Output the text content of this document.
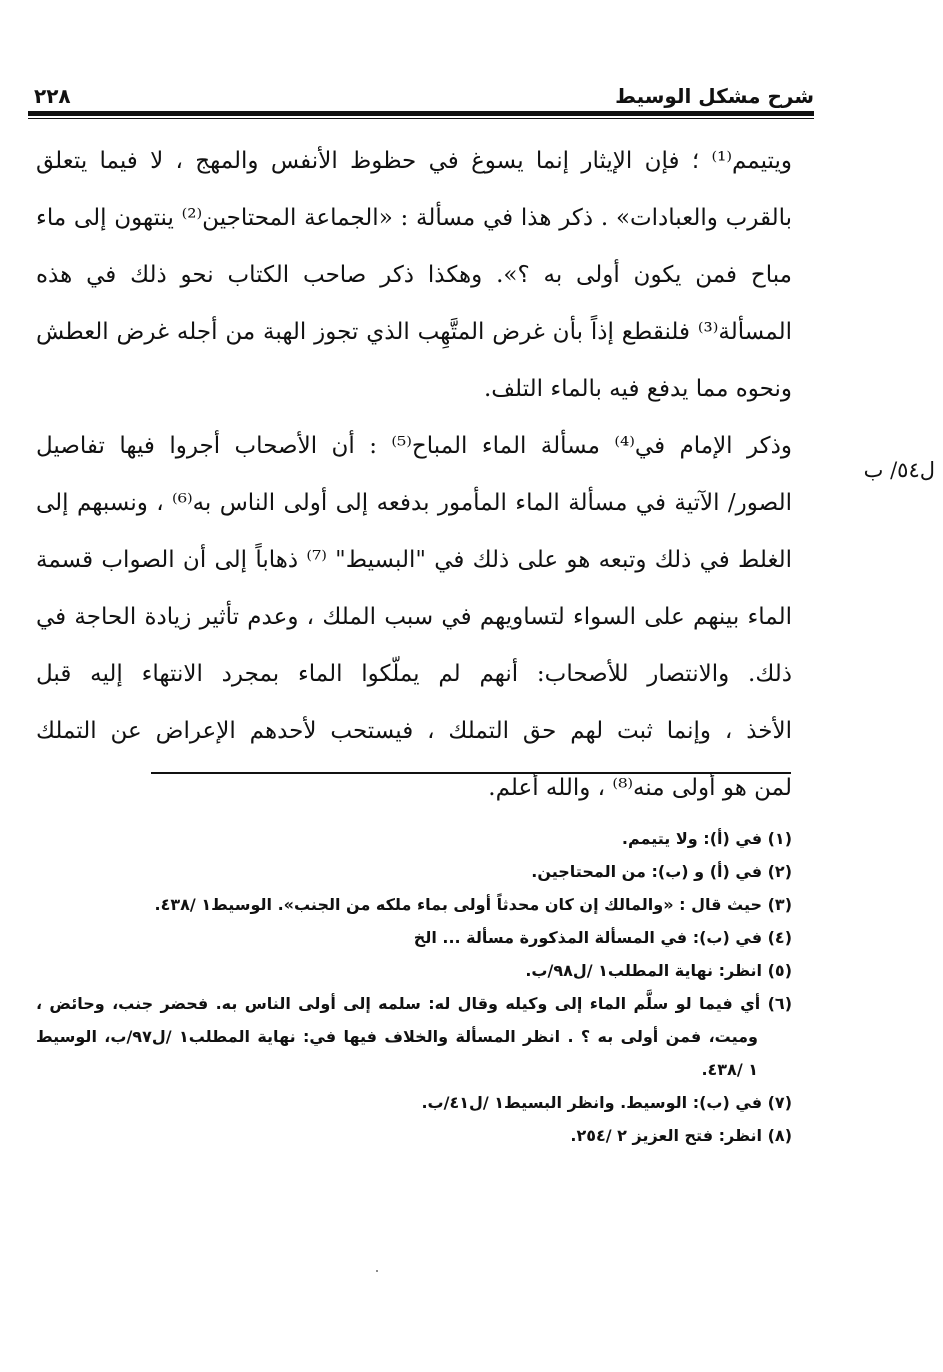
شرح مشكل الوسيط
٢٢٨
ويتيمم⁽¹⁾ ؛ فإن الإيثار إنما يسوغ في حظوظ الأنفس والمهج ، لا فيما يتعلق
بالقرب والعبادات» . ذكر هذا في مسألة : «الجماعة المحتاجين⁽²⁾ ينتهون إلى ماء
مباح فمن يكون أولى به ؟». وهكذا ذكر صاحب الكتاب نحو ذلك في هذه
المسألة⁽³⁾ فلنقطع إذاً بأن غرض المتَّهِب الذي تجوز الهبة من أجله غرض العطش
ونحوه مما يدفع فيه بالماء التلف.
وذكر الإمام في⁽⁴⁾ مسألة الماء المباح⁽⁵⁾ : أن الأصحاب أجروا فيها تفاصيل
الصور/ الآتية في مسألة الماء المأمور بدفعه إلى أولى الناس به⁽⁶⁾ ، ونسبهم إلى
الغلط في ذلك وتبعه هو على ذلك في "البسيط" ⁽⁷⁾ ذهاباً إلى أن الصواب قسمة
الماء بينهم على السواء لتساويهم في سبب الملك ، وعدم تأثير زيادة الحاجة في
ذلك. والانتصار للأصحاب: أنهم لم يملّكوا الماء بمجرد الانتهاء إليه قبل
الأخذ ، وإنما ثبت لهم حق التملك ، فيستحب لأحدهم الإعراض عن التملك
لمن هو أولى منه⁽⁸⁾ ، والله أعلم.
ل٥٤/ ب
(١) في (أ): ولا يتيمم.
(٢) في (أ) و (ب): من المحتاجين.
(٣) حيث قال : «والمالك إن كان محدثاً أولى بماء ملكه من الجنب». الوسيط١ /٤٣٨.
(٤) في (ب): في المسألة المذكورة مسألة ... الخ
(٥) انظر: نهاية المطلب١ /ل٩٨/ب.
(٦) أي فيما لو سلَّم الماء إلى وكيله وقال له: سلمه إلى أولى الناس به. فحضر جنب، وحائض ،
وميت، فمن أولى به ؟ . انظر المسألة والخلاف فيها في: نهاية المطلب١ /ل٩٧/ب، الوسيط
١ /٤٣٨.
(٧) في (ب): الوسيط. وانظر البسيط١ /ل٤١/ب.
(٨) انظر: فتح العزيز ٢ /٢٥٤.
